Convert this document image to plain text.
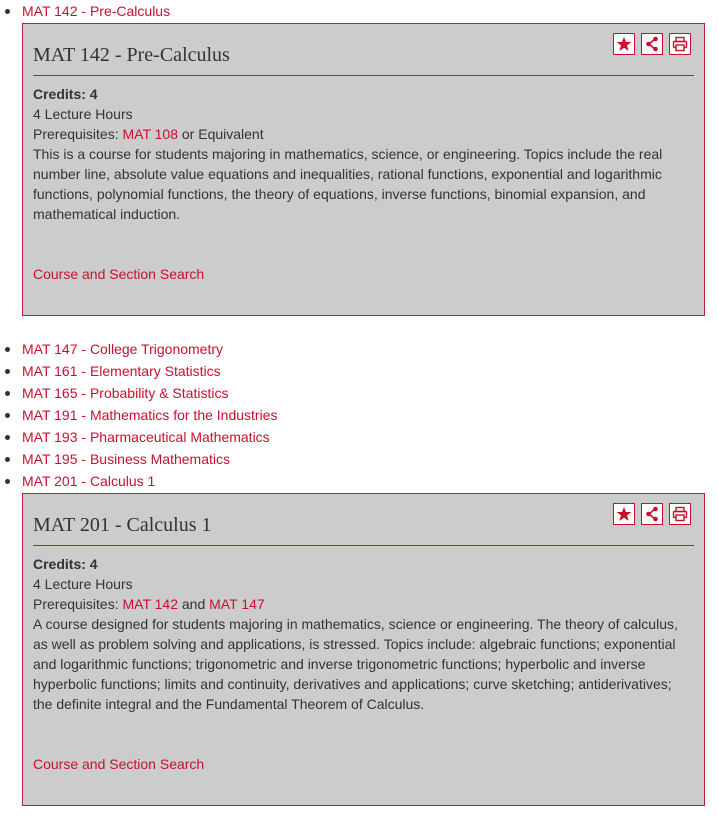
MAT 142 - Pre-Calculus
MAT 142 - Pre-Calculus
Credits: 4
4 Lecture Hours
Prerequisites: MAT 108 or Equivalent
This is a course for students majoring in mathematics, science, or engineering. Topics include the real number line, absolute value equations and inequalities, rational functions, exponential and logarithmic functions, polynomial functions, the theory of equations, inverse functions, binomial expansion, and mathematical induction.
Course and Section Search
MAT 147 - College Trigonometry
MAT 161 - Elementary Statistics
MAT 165 - Probability & Statistics
MAT 191 - Mathematics for the Industries
MAT 193 - Pharmaceutical Mathematics
MAT 195 - Business Mathematics
MAT 201 - Calculus 1
MAT 201 - Calculus 1
Credits: 4
4 Lecture Hours
Prerequisites: MAT 142 and MAT 147
A course designed for students majoring in mathematics, science or engineering. The theory of calculus, as well as problem solving and applications, is stressed. Topics include: algebraic functions; exponential and logarithmic functions; trigonometric and inverse trigonometric functions; hyperbolic and inverse hyperbolic functions; limits and continuity, derivatives and applications; curve sketching; antiderivatives; the definite integral and the Fundamental Theorem of Calculus.
Course and Section Search
